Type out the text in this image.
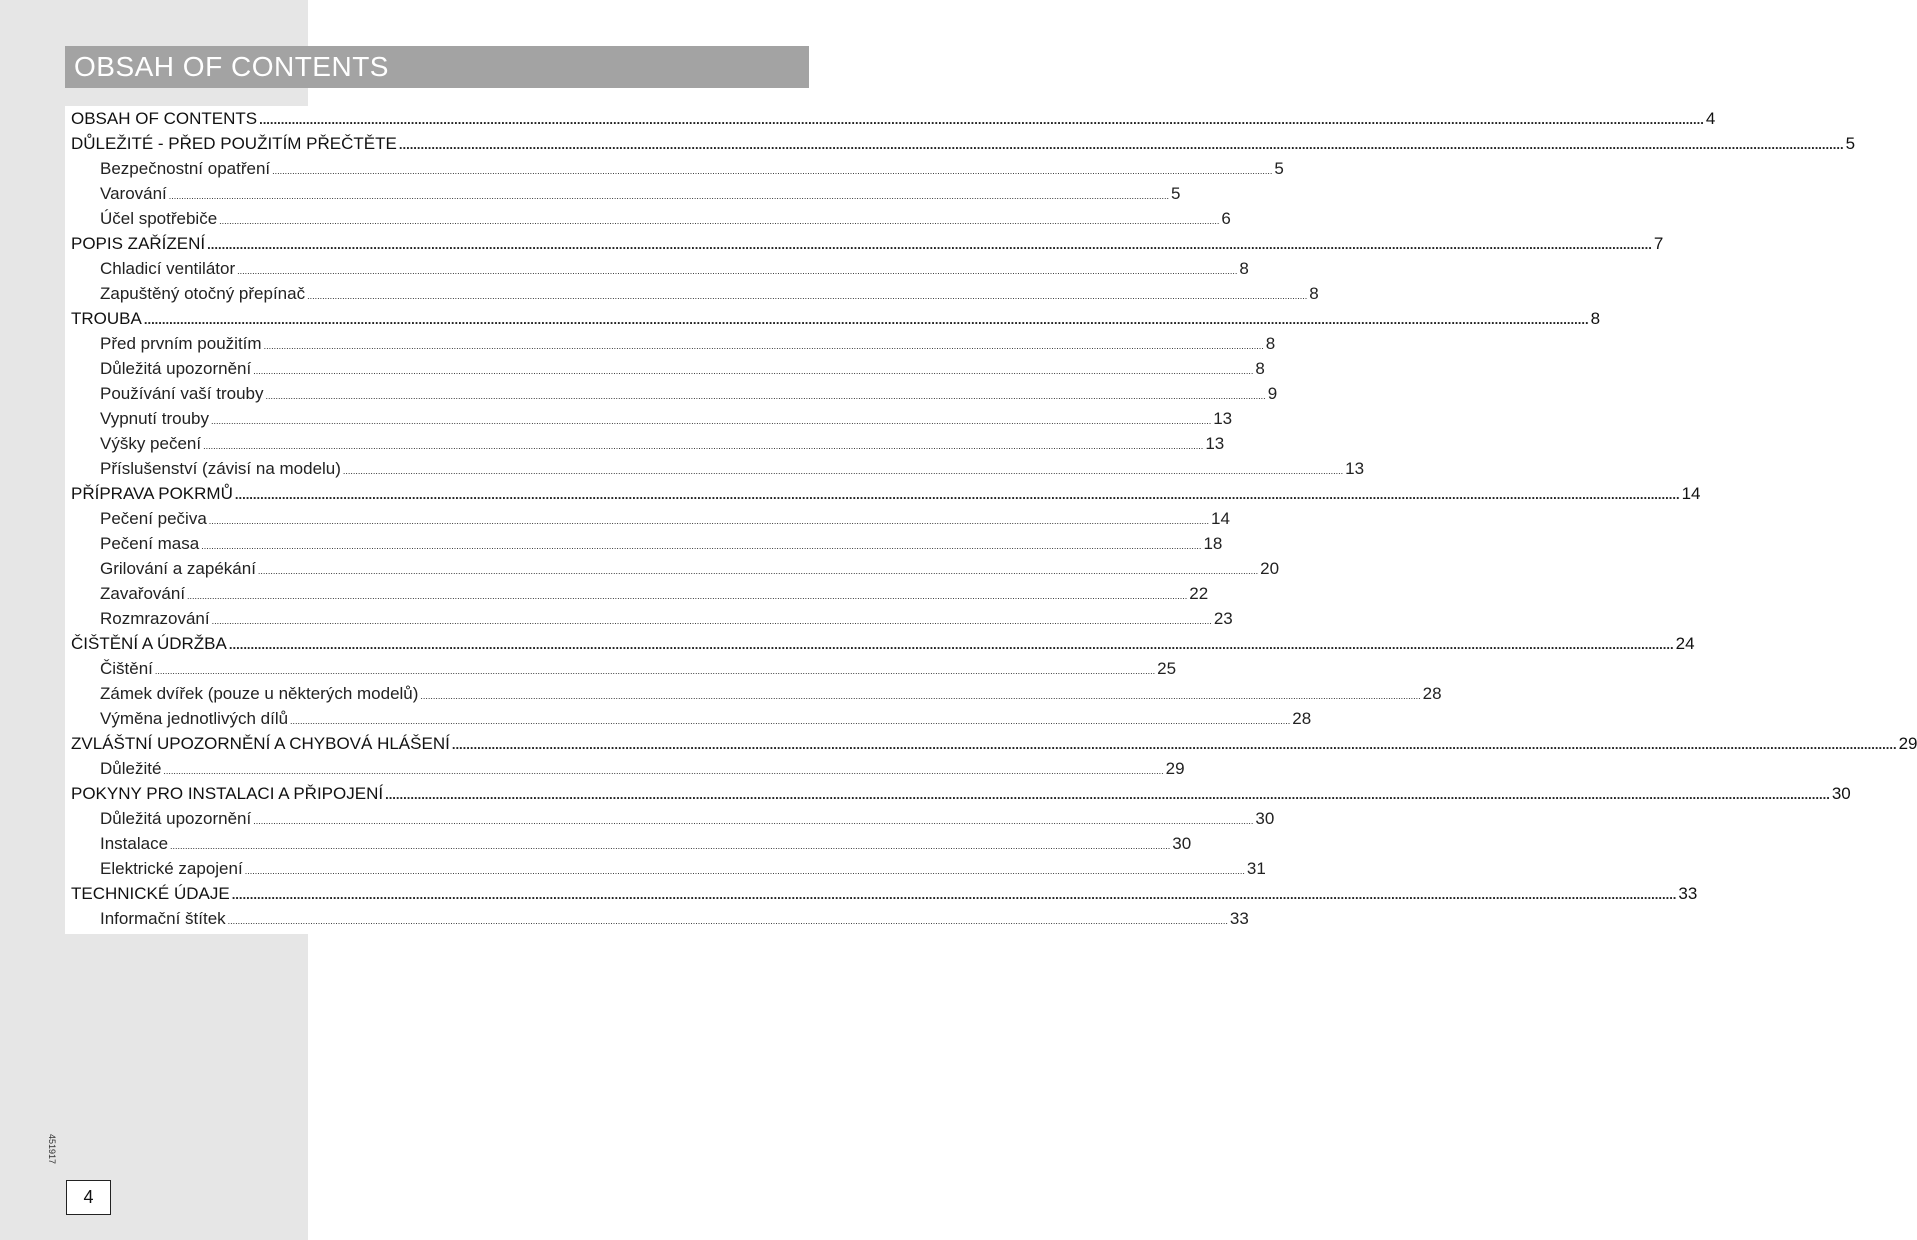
OBSAH OF CONTENTS
OBSAH OF CONTENTS ................................................................................................................................................................................................................................................................................................................................................................................................................ 4
DŮLEŽITÉ - PŘED POUŽITÍM PŘEČTĚTE ................................................................................................................................................................................................................................................................................................................................................................................................................ 5
Bezpečnostní opatření ................................................................................................................................................................................................................................................................................................................................................................................................................ 5
Varování ................................................................................................................................................................................................................................................................................................................................................................................................................ 5
Účel spotřebiče ................................................................................................................................................................................................................................................................................................................................................................................................................ 6
POPIS ZAŘÍZENÍ ................................................................................................................................................................................................................................................................................................................................................................................................................ 7
Chladicí ventilátor ................................................................................................................................................................................................................................................................................................................................................................................................................ 8
Zapuštěný otočný přepínač ................................................................................................................................................................................................................................................................................................................................................................................................................ 8
TROUBA ................................................................................................................................................................................................................................................................................................................................................................................................................ 8
Před prvním použitím ................................................................................................................................................................................................................................................................................................................................................................................................................ 8
Důležitá upozornění ................................................................................................................................................................................................................................................................................................................................................................................................................ 8
Používání vaší trouby ................................................................................................................................................................................................................................................................................................................................................................................................................ 9
Vypnutí trouby ................................................................................................................................................................................................................................................................................................................................................................................................................ 13
Výšky pečení ................................................................................................................................................................................................................................................................................................................................................................................................................ 13
Příslušenství (závisí na modelu) ................................................................................................................................................................................................................................................................................................................................................................................................................ 13
PŘÍPRAVA POKRMŮ ................................................................................................................................................................................................................................................................................................................................................................................................................ 14
Pečení pečiva ................................................................................................................................................................................................................................................................................................................................................................................................................ 14
Pečení masa ................................................................................................................................................................................................................................................................................................................................................................................................................ 18
Grilování a zapékání ................................................................................................................................................................................................................................................................................................................................................................................................................ 20
Zavařování ................................................................................................................................................................................................................................................................................................................................................................................................................ 22
Rozmrazování ................................................................................................................................................................................................................................................................................................................................................................................................................ 23
ČIŠTĚNÍ A ÚDRŽBA ................................................................................................................................................................................................................................................................................................................................................................................................................ 24
Čištění ................................................................................................................................................................................................................................................................................................................................................................................................................ 25
Zámek dvířek (pouze u některých modelů) ................................................................................................................................................................................................................................................................................................................................................................................................................ 28
Výměna jednotlivých dílů ................................................................................................................................................................................................................................................................................................................................................................................................................ 28
ZVLÁŠTNÍ UPOZORNĚNÍ A CHYBOVÁ HLÁŠENÍ ................................................................................................................................................................................................................................................................................................................................................................................................................ 29
Důležité ................................................................................................................................................................................................................................................................................................................................................................................................................ 29
POKYNY PRO INSTALACI A PŘIPOJENÍ ................................................................................................................................................................................................................................................................................................................................................................................................................ 30
Důležitá upozornění ................................................................................................................................................................................................................................................................................................................................................................................................................ 30
Instalace ................................................................................................................................................................................................................................................................................................................................................................................................................ 30
Elektrické zapojení ................................................................................................................................................................................................................................................................................................................................................................................................................ 31
TECHNICKÉ ÚDAJE ................................................................................................................................................................................................................................................................................................................................................................................................................ 33
Informační štítek ................................................................................................................................................................................................................................................................................................................................................................................................................ 33
451917
4
